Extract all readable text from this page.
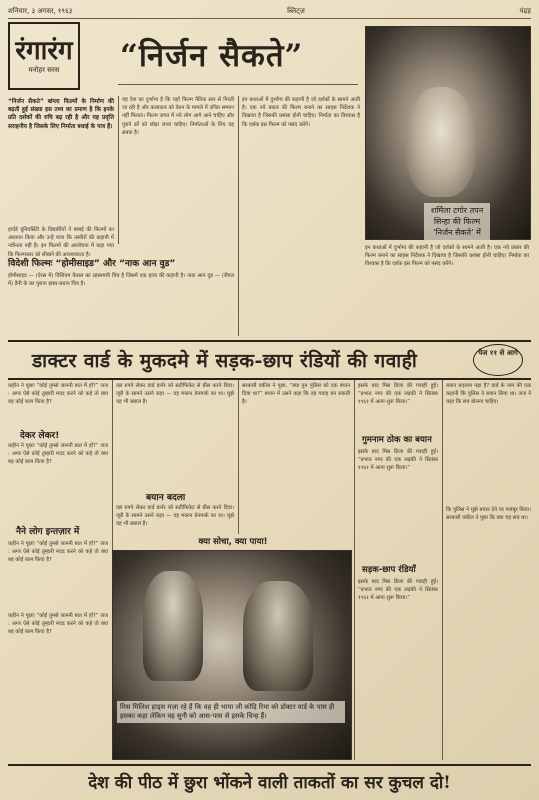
शनिवार, ३ अगस्त, १९६३	ब्लिट्ज़	पंद्रह
रंगारंग
मनोहर सरस “निर्जन सैकते”
शर्मिला टगोर तपन सिन्हा की फिल्म ’निर्जन सैकते’ में
“निर्जन सैकते” बांग्ला फिल्मों के निर्माण की बढ़ती हुई संख्या इस तथ्य का प्रमाण है कि इनके प्रति दर्शकों की रुचि बढ़ रही है और यह प्रवृत्ति सराहनीय है जिसके लिए निर्माता बधाई के पात्र हैं।
हार्वर्ड युनिवर्सिटी के विद्यार्थियों ने बम्बई की फिल्मों का अध्ययन किया और उन्हें पाया कि तस्वीरों की कहानी में नवीनता नहीं है। इन फिल्मों की आलोचना में कहा गया कि फिल्मकार को सीखने की आवश्यकता है।
यह देश का दुर्भाग्य है कि यहाँ फिल्म नैतिक स्तर से गिरती जा रही है और कलाकार को वेतन के मामले में उचित सम्मान नहीं मिलता। फिल्म जगत में नये लोग आगे आने चाहिए और पुराने ढर्रे को छोड़ा जाना चाहिए। निर्माताओं के लिए यह सबक है।
इन कथाओं में दुर्भाग्य की कहानी है जो दर्शकों के सामने आती है। एक नये प्रकार की फिल्म बनाने का साहस निर्देशक ने दिखाया है जिसकी प्रशंसा होनी चाहिए। निर्माता का विश्वास है कि दर्शक इस फिल्म को पसंद करेंगे।
विदेशी फिल्मः “होमीसाइड” और “नाक आन वुड”
होमीसाइड — (ऐरस में) विलियम कैसल का रहस्यमयी चित्र है जिसमें एक हत्या की कहानी है। नाक आन वुड — (रीगल में) डैनी के का पुराना हास्य-प्रधान चित्र है।
इन कथाओं में दुर्भाग्य की कहानी है जो दर्शकों के सामने आती है। एक नये प्रकार की फिल्म बनाने का साहस निर्देशक ने दिखाया है जिसकी प्रशंसा होनी चाहिए। निर्माता का विश्वास है कि दर्शक इस फिल्म को पसंद करेंगे।
डाक्टर वार्ड के मुकदमे में सड़क-छाप रंडियों की गवाही	पेज ११ से आगे
कहीन ने पूछाः “कोई तुमसे जाननी बात में हाँ?” जज : अगर ऐसे कोई तुम्हारी मदद करने को कहे तो क्या बह कोई काम किया है?
देकर लेकर!
कहीन ने पूछाः “कोई तुमसे जाननी बात में हाँ?” जज : अगर ऐसे कोई तुम्हारी मदद करने को कहे तो क्या बह कोई काम किया है?
नैने लोग इन्तज़ार में
कहीन ने पूछाः “कोई तुमसे जाननी बात में हाँ?” जज : अगर ऐसे कोई तुम्हारी मदद करने को कहे तो क्या बह कोई काम किया है?
दस रुपये लेकर वार्ड डार्नर को सटीफिकेट से ग्रीस करने दिया। जूरी के सामने उसने कहा — वह मकान डेनमार्क का था। मुझे यह भी ख्याल है।
बयान बदला
दस रुपये लेकर वार्ड डार्नर को सटीफिकेट से ग्रीस करने दिया। जूरी के सामने उसने कहा — वह मकान डेनमार्क का था। मुझे यह भी ख्याल है।
सरकारी वकील ने पूछा, “क्या तुम पुलिस को एक बयान दिया था?” बयान में उसने कहा कि वह गवाह बन सकती है।
इसके बाद मिस डिजा की गवाही हुई। “प्रभात नगर की एक लड़की ने सितंबर १९६१ में आना शुरू किया।”
गुमनाम ठोक का बयान
इसके बाद मिस डिजा की गवाही हुई। “प्रभात नगर की एक लड़की ने सितंबर १९६१ में आना शुरू किया।”
सड़क-छाप रंडियाँ
इसके बाद मिस डिजा की गवाही हुई। “प्रभात नगर की एक लड़की ने सितंबर १९६१ में आना शुरू किया।”
बयान बदलना पड़ा है? वार्ड के नाम की एक कहानी कि पुलिस ने बयान लिया था। जज ने कहा कि सच बोलना चाहिए।
कि पुलिस ने मुझे बयान देने पर मजबूर किया। सरकारी वकील ने पूछा कि क्या यह सच था।
क्या सोचा, क्या पाया!
मिस मिलिश हाड्स मज़ा रहे हैं कि वह ही भाया जी कोड़ि रिया को डॉक्टर वार्ड के पास ही इसका कहा लेकिन वह सुनी को आस-पास से इसके चिन्ह हैं।
कहीन ने पूछाः “कोई तुमसे जाननी बात में हाँ?” जज : अगर ऐसे कोई तुम्हारी मदद करने को कहे तो क्या बह कोई काम किया है?
देश की पीठ में छुरा भोंकने वाली ताकतों का सर कुचल दो!
